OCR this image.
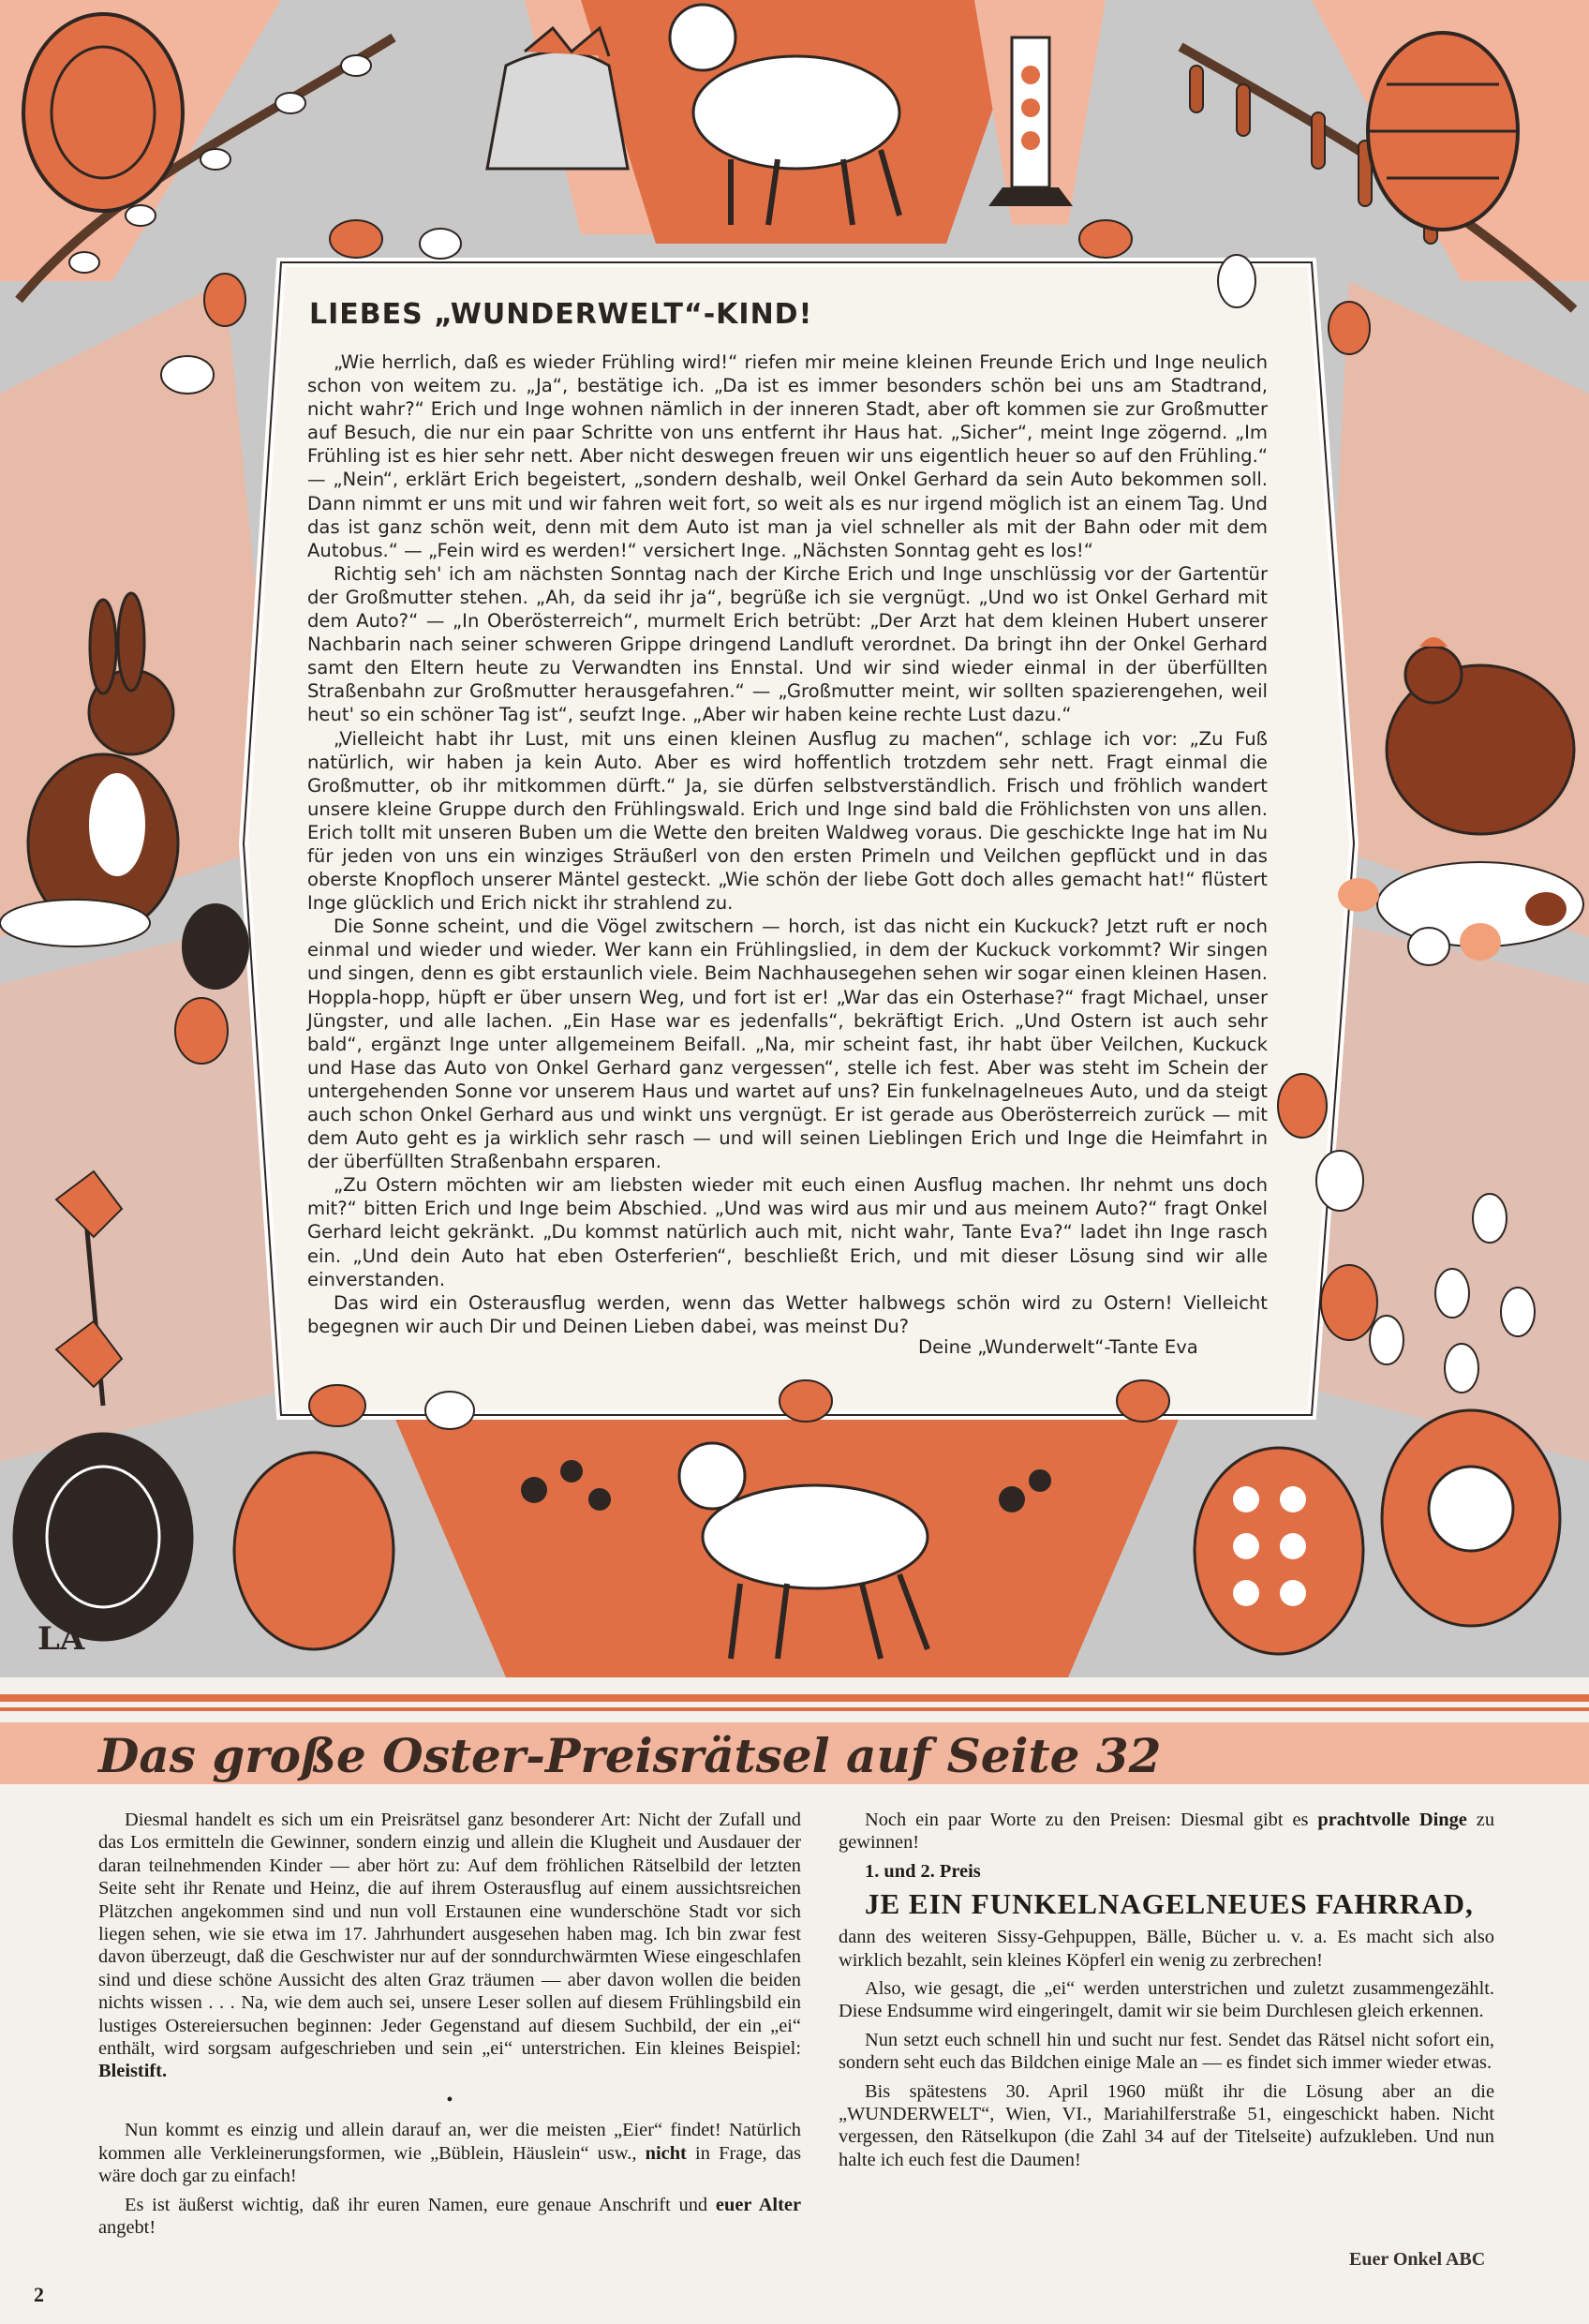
LA
LIEBES „WUNDERWELT“-KIND!

„Wie herrlich, daß es wieder Frühling wird!“ riefen mir meine kleinen Freunde Erich und Inge neulich schon von weitem zu. „Ja“, bestätige ich. „Da ist es immer besonders schön bei uns am Stadtrand, nicht wahr?“ Erich und Inge wohnen nämlich in der inneren Stadt, aber oft kommen sie zur Großmutter auf Besuch, die nur ein paar Schritte von uns entfernt ihr Haus hat. „Sicher“, meint Inge zögernd. „Im Frühling ist es hier sehr nett. Aber nicht deswegen freuen wir uns eigentlich heuer so auf den Frühling.“ — „Nein“, erklärt Erich begeistert, „sondern deshalb, weil Onkel Gerhard da sein Auto bekommen soll. Dann nimmt er uns mit und wir fahren weit fort, so weit als es nur irgend möglich ist an einem Tag. Und das ist ganz schön weit, denn mit dem Auto ist man ja viel schneller als mit der Bahn oder mit dem Autobus.“ — „Fein wird es werden!“ versichert Inge. „Nächsten Sonntag geht es los!“

Richtig seh' ich am nächsten Sonntag nach der Kirche Erich und Inge unschlüssig vor der Gartentür der Großmutter stehen. „Ah, da seid ihr ja“, begrüße ich sie vergnügt. „Und wo ist Onkel Gerhard mit dem Auto?“ — „In Oberösterreich“, murmelt Erich betrübt: „Der Arzt hat dem kleinen Hubert unserer Nachbarin nach seiner schweren Grippe dringend Landluft verordnet. Da bringt ihn der Onkel Gerhard samt den Eltern heute zu Verwandten ins Ennstal. Und wir sind wieder einmal in der überfüllten Straßenbahn zur Großmutter herausgefahren.“ — „Großmutter meint, wir sollten spazierengehen, weil heut' so ein schöner Tag ist“, seufzt Inge. „Aber wir haben keine rechte Lust dazu.“

„Vielleicht habt ihr Lust, mit uns einen kleinen Ausflug zu machen“, schlage ich vor: „Zu Fuß natürlich, wir haben ja kein Auto. Aber es wird hoffentlich trotzdem sehr nett. Fragt einmal die Großmutter, ob ihr mitkommen dürft.“ Ja, sie dürfen selbstverständlich. Frisch und fröhlich wandert unsere kleine Gruppe durch den Frühlingswald. Erich und Inge sind bald die Fröhlichsten von uns allen. Erich tollt mit unseren Buben um die Wette den breiten Waldweg voraus. Die geschickte Inge hat im Nu für jeden von uns ein winziges Sträußerl von den ersten Primeln und Veilchen gepflückt und in das oberste Knopfloch unserer Mäntel gesteckt. „Wie schön der liebe Gott doch alles gemacht hat!“ flüstert Inge glücklich und Erich nickt ihr strahlend zu.

Die Sonne scheint, und die Vögel zwitschern — horch, ist das nicht ein Kuckuck? Jetzt ruft er noch einmal und wieder und wieder. Wer kann ein Frühlingslied, in dem der Kuckuck vorkommt? Wir singen und singen, denn es gibt erstaunlich viele. Beim Nachhausegehen sehen wir sogar einen kleinen Hasen. Hoppla-hopp, hüpft er über unsern Weg, und fort ist er! „War das ein Osterhase?“ fragt Michael, unser Jüngster, und alle lachen. „Ein Hase war es jedenfalls“, bekräftigt Erich. „Und Ostern ist auch sehr bald“, ergänzt Inge unter allgemeinem Beifall. „Na, mir scheint fast, ihr habt über Veilchen, Kuckuck und Hase das Auto von Onkel Gerhard ganz vergessen“, stelle ich fest. Aber was steht im Schein der untergehenden Sonne vor unserem Haus und wartet auf uns? Ein funkelnagelneues Auto, und da steigt auch schon Onkel Gerhard aus und winkt uns vergnügt. Er ist gerade aus Oberösterreich zurück — mit dem Auto geht es ja wirklich sehr rasch — und will seinen Lieblingen Erich und Inge die Heimfahrt in der überfüllten Straßenbahn ersparen.

„Zu Ostern möchten wir am liebsten wieder mit euch einen Ausflug machen. Ihr nehmt uns doch mit?“ bitten Erich und Inge beim Abschied. „Und was wird aus mir und aus meinem Auto?“ fragt Onkel Gerhard leicht gekränkt. „Du kommst natürlich auch mit, nicht wahr, Tante Eva?“ ladet ihn Inge rasch ein. „Und dein Auto hat eben Osterferien“, beschließt Erich, und mit dieser Lösung sind wir alle einverstanden.

Das wird ein Osterausflug werden, wenn das Wetter halbwegs schön wird zu Ostern! Vielleicht begegnen wir auch Dir und Deinen Lieben dabei, was meinst Du?

Deine „Wunderwelt“-Tante Eva
Das große Oster-Preisrätsel auf Seite 32

Diesmal handelt es sich um ein Preisrätsel ganz besonderer Art: Nicht der Zufall und das Los ermitteln die Gewinner, sondern einzig und allein die Klugheit und Ausdauer der daran teilnehmenden Kinder — aber hört zu: Auf dem fröhlichen Rätselbild der letzten Seite seht ihr Renate und Heinz, die auf ihrem Osterausflug auf einem aussichtsreichen Plätzchen angekommen sind und nun voll Erstaunen eine wunderschöne Stadt vor sich liegen sehen, wie sie etwa im 17. Jahrhundert ausgesehen haben mag. Ich bin zwar fest davon überzeugt, daß die Geschwister nur auf der sonndurchwärmten Wiese eingeschlafen sind und diese schöne Aussicht des alten Graz träumen — aber davon wollen die beiden nichts wissen . . . Na, wie dem auch sei, unsere Leser sollen auf diesem Frühlingsbild ein lustiges Ostereiersuchen beginnen: Jeder Gegenstand auf diesem Suchbild, der ein „ei“ enthält, wird sorgsam aufgeschrieben und sein „ei“ unterstrichen. Ein kleines Beispiel: Bleistift.

•

Nun kommt es einzig und allein darauf an, wer die meisten „Eier“ findet! Natürlich kommen alle Verkleinerungsformen, wie „Büblein, Häuslein“ usw., nicht in Frage, das wäre doch gar zu einfach!

Es ist äußerst wichtig, daß ihr euren Namen, eure genaue Anschrift und euer Alter angebt!

Noch ein paar Worte zu den Preisen: Diesmal gibt es prachtvolle Dinge zu gewinnen!

1. und 2. Preis

JE EIN FUNKELNAGELNEUES FAHRRAD,

dann des weiteren Sissy-Gehpuppen, Bälle, Bücher u. v. a. Es macht sich also wirklich bezahlt, sein kleines Köpferl ein wenig zu zerbrechen!

Also, wie gesagt, die „ei“ werden unterstrichen und zuletzt zusammengezählt. Diese Endsumme wird eingeringelt, damit wir sie beim Durchlesen gleich erkennen.

Nun setzt euch schnell hin und sucht nur fest. Sendet das Rätsel nicht sofort ein, sondern seht euch das Bildchen einige Male an — es findet sich immer wieder etwas.

Bis spätestens 30. April 1960 müßt ihr die Lösung aber an die „WUNDERWELT“, Wien, VI., Mariahilferstraße 51, eingeschickt haben. Nicht vergessen, den Rätselkupon (die Zahl 34 auf der Titelseite) aufzukleben. Und nun halte ich euch fest die Daumen!

Euer Onkel ABC
2
